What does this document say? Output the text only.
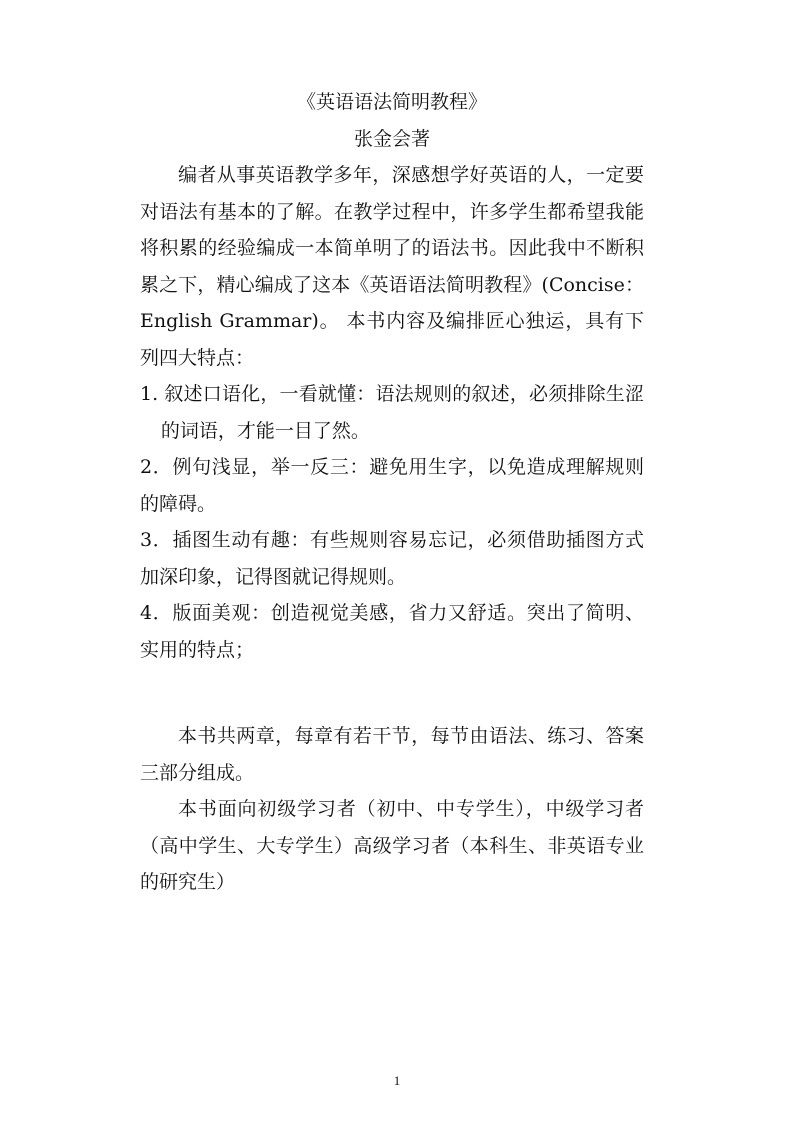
《英语语法简明教程》

张金会著

编者从事英语教学多年，深感想学好英语的人，一定要对语法有基本的了解。在教学过程中，许多学生都希望我能将积累的经验编成一本简单明了的语法书。因此我中不断积累之下，精心编成了这本《英语语法简明教程》(Concise：English Grammar)。 本书内容及编排匠心独运，具有下列四大特点：

1. 叙述口语化，一看就懂：语法规则的叙述，必须排除生涩的词语，才能一目了然。

2．例句浅显，举一反三：避免用生字，以免造成理解规则的障碍。

3．插图生动有趣：有些规则容易忘记，必须借助插图方式加深印象，记得图就记得规则。

4．版面美观：创造视觉美感，省力又舒适。突出了简明、实用的特点；

本书共两章，每章有若干节，每节由语法、练习、答案三部分组成。

本书面向初级学习者（初中、中专学生），中级学习者（高中学生、大专学生）高级学习者（本科生、非英语专业的研究生）

1
